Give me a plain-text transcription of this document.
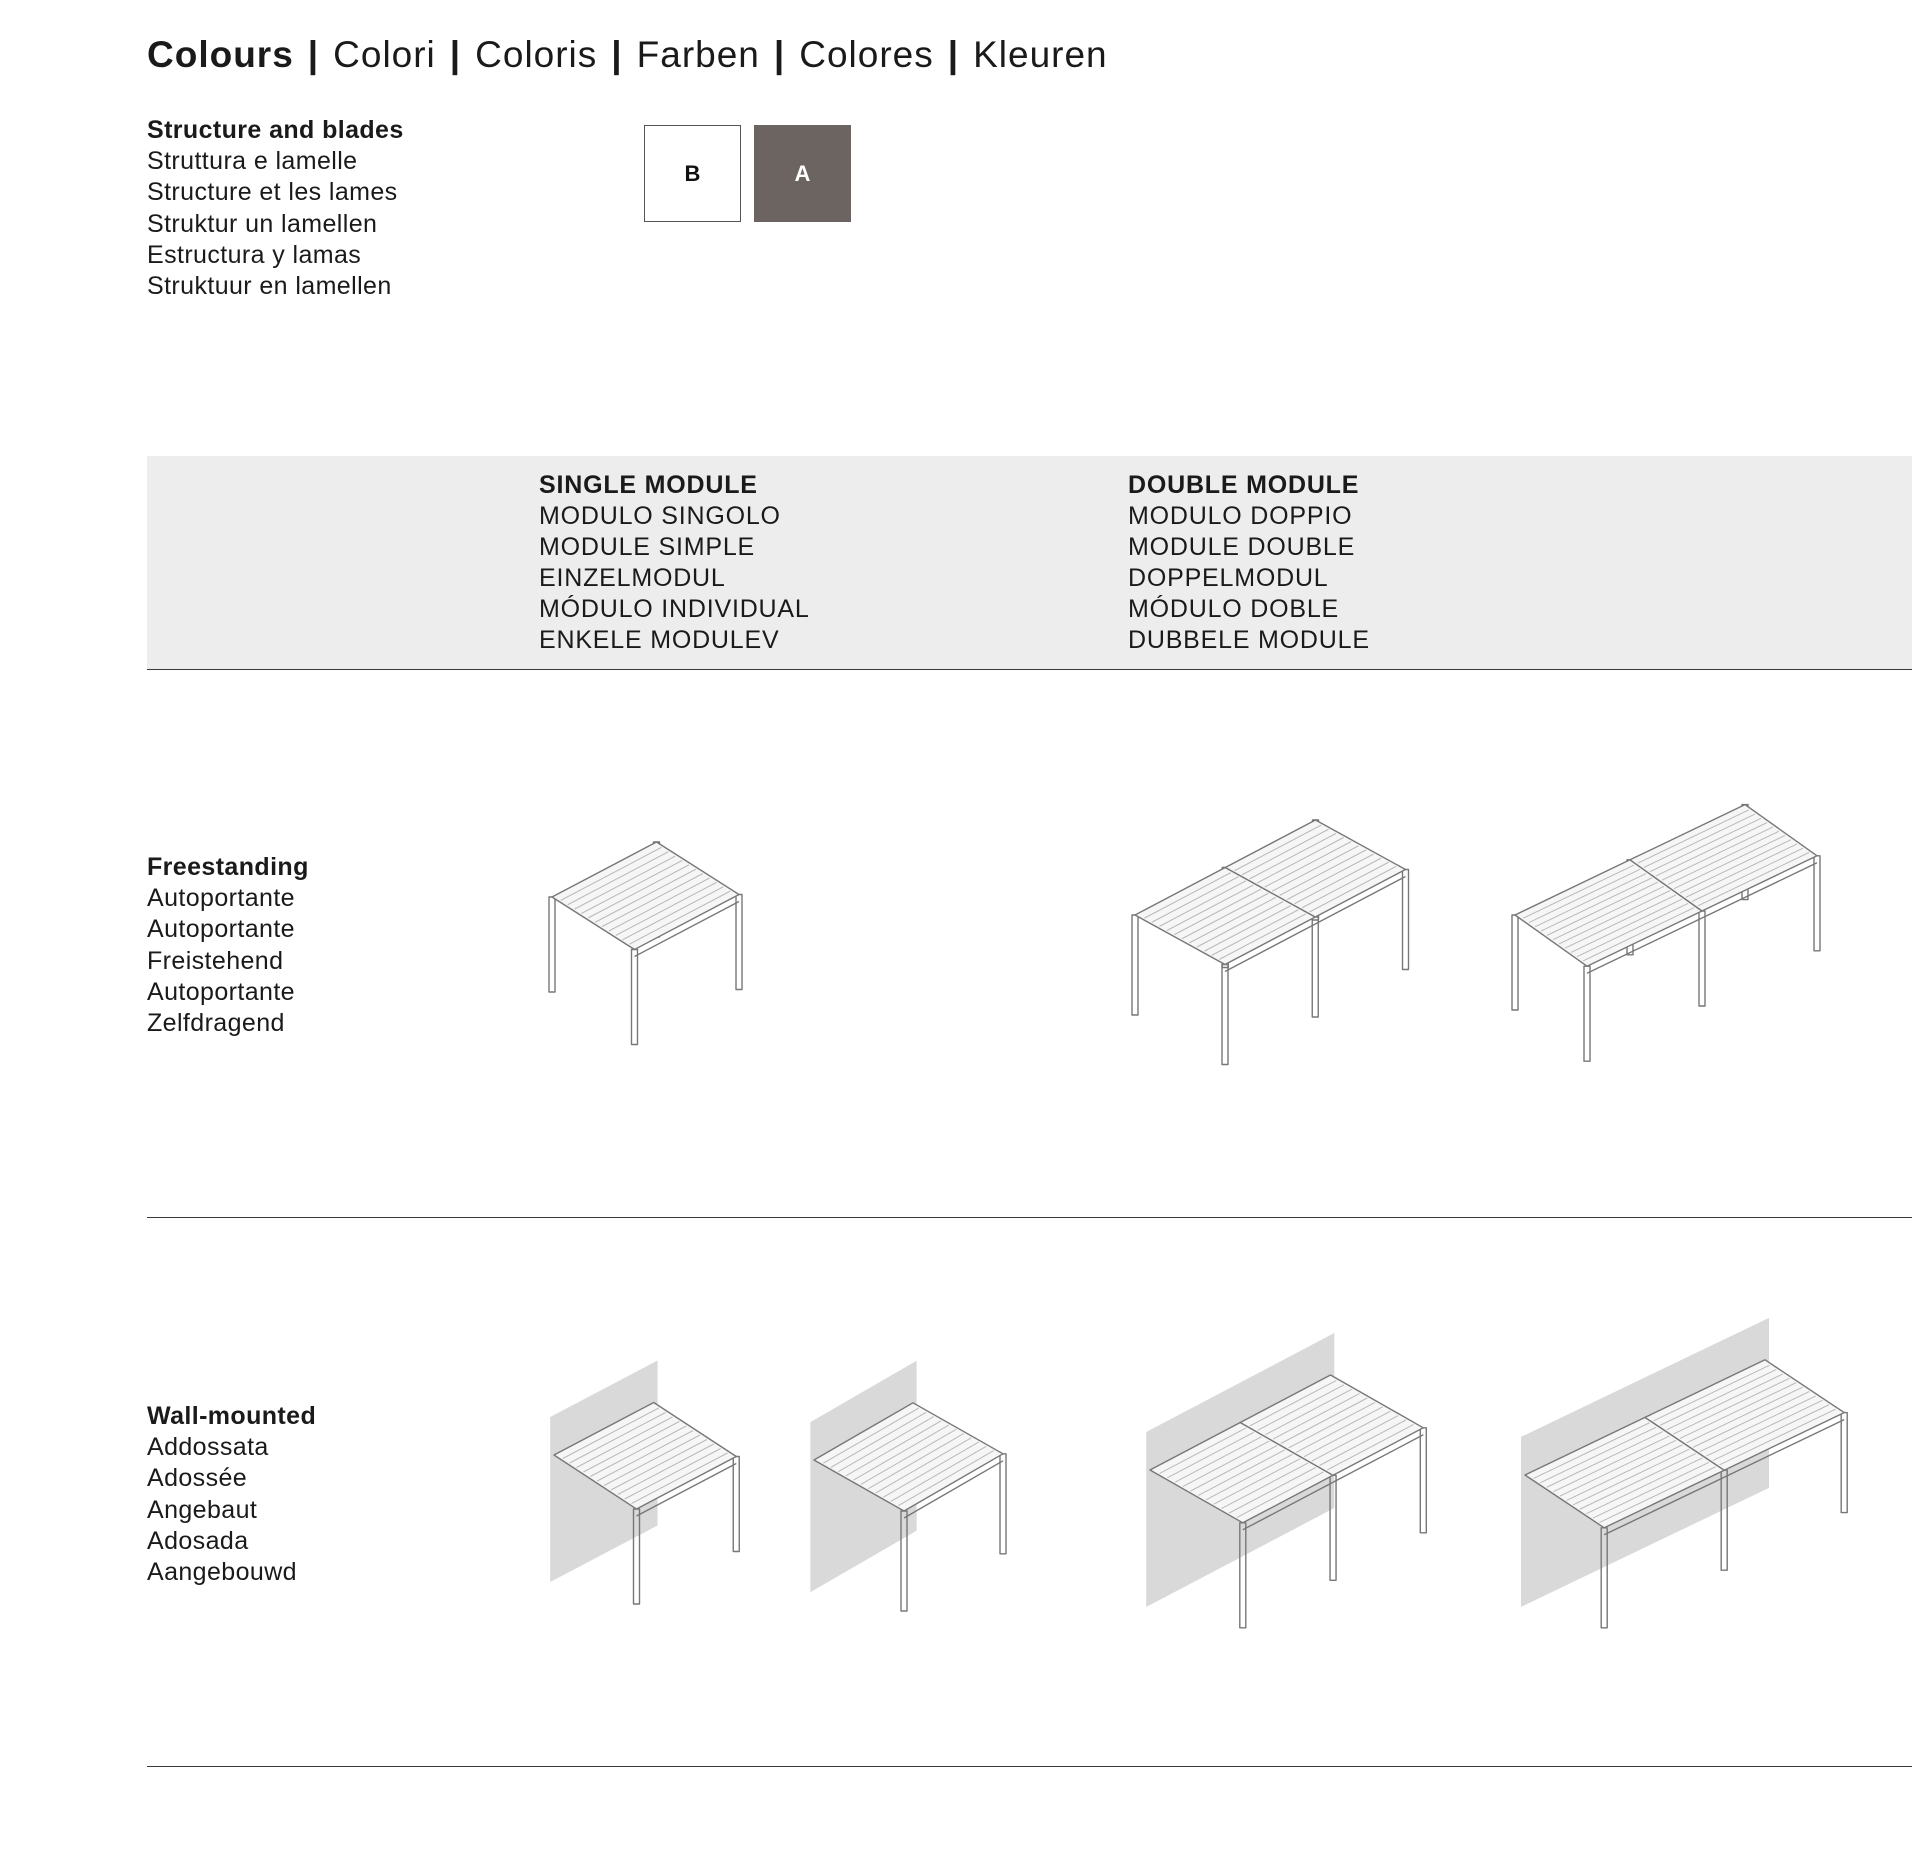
Colours | Colori | Coloris | Farben | Colores | Kleuren
Structure and blades
Struttura e lamelle
Structure et les lames
Struktur un lamellen
Estructura y lamas
Struktuur en lamellen
B	A
SINGLE MODULE
MODULO SINGOLO
MODULE SIMPLE
EINZELMODUL
MÓDULO INDIVIDUAL
ENKELE MODULEV
DOUBLE MODULE
MODULO DOPPIO
MODULE DOUBLE
DOPPELMODUL
MÓDULO DOBLE
DUBBELE MODULE
Freestanding
Autoportante
Autoportante
Freistehend
Autoportante
Zelfdragend
Wall-mounted
Addossata
Adossée
Angebaut
Adosada
Aangebouwd
